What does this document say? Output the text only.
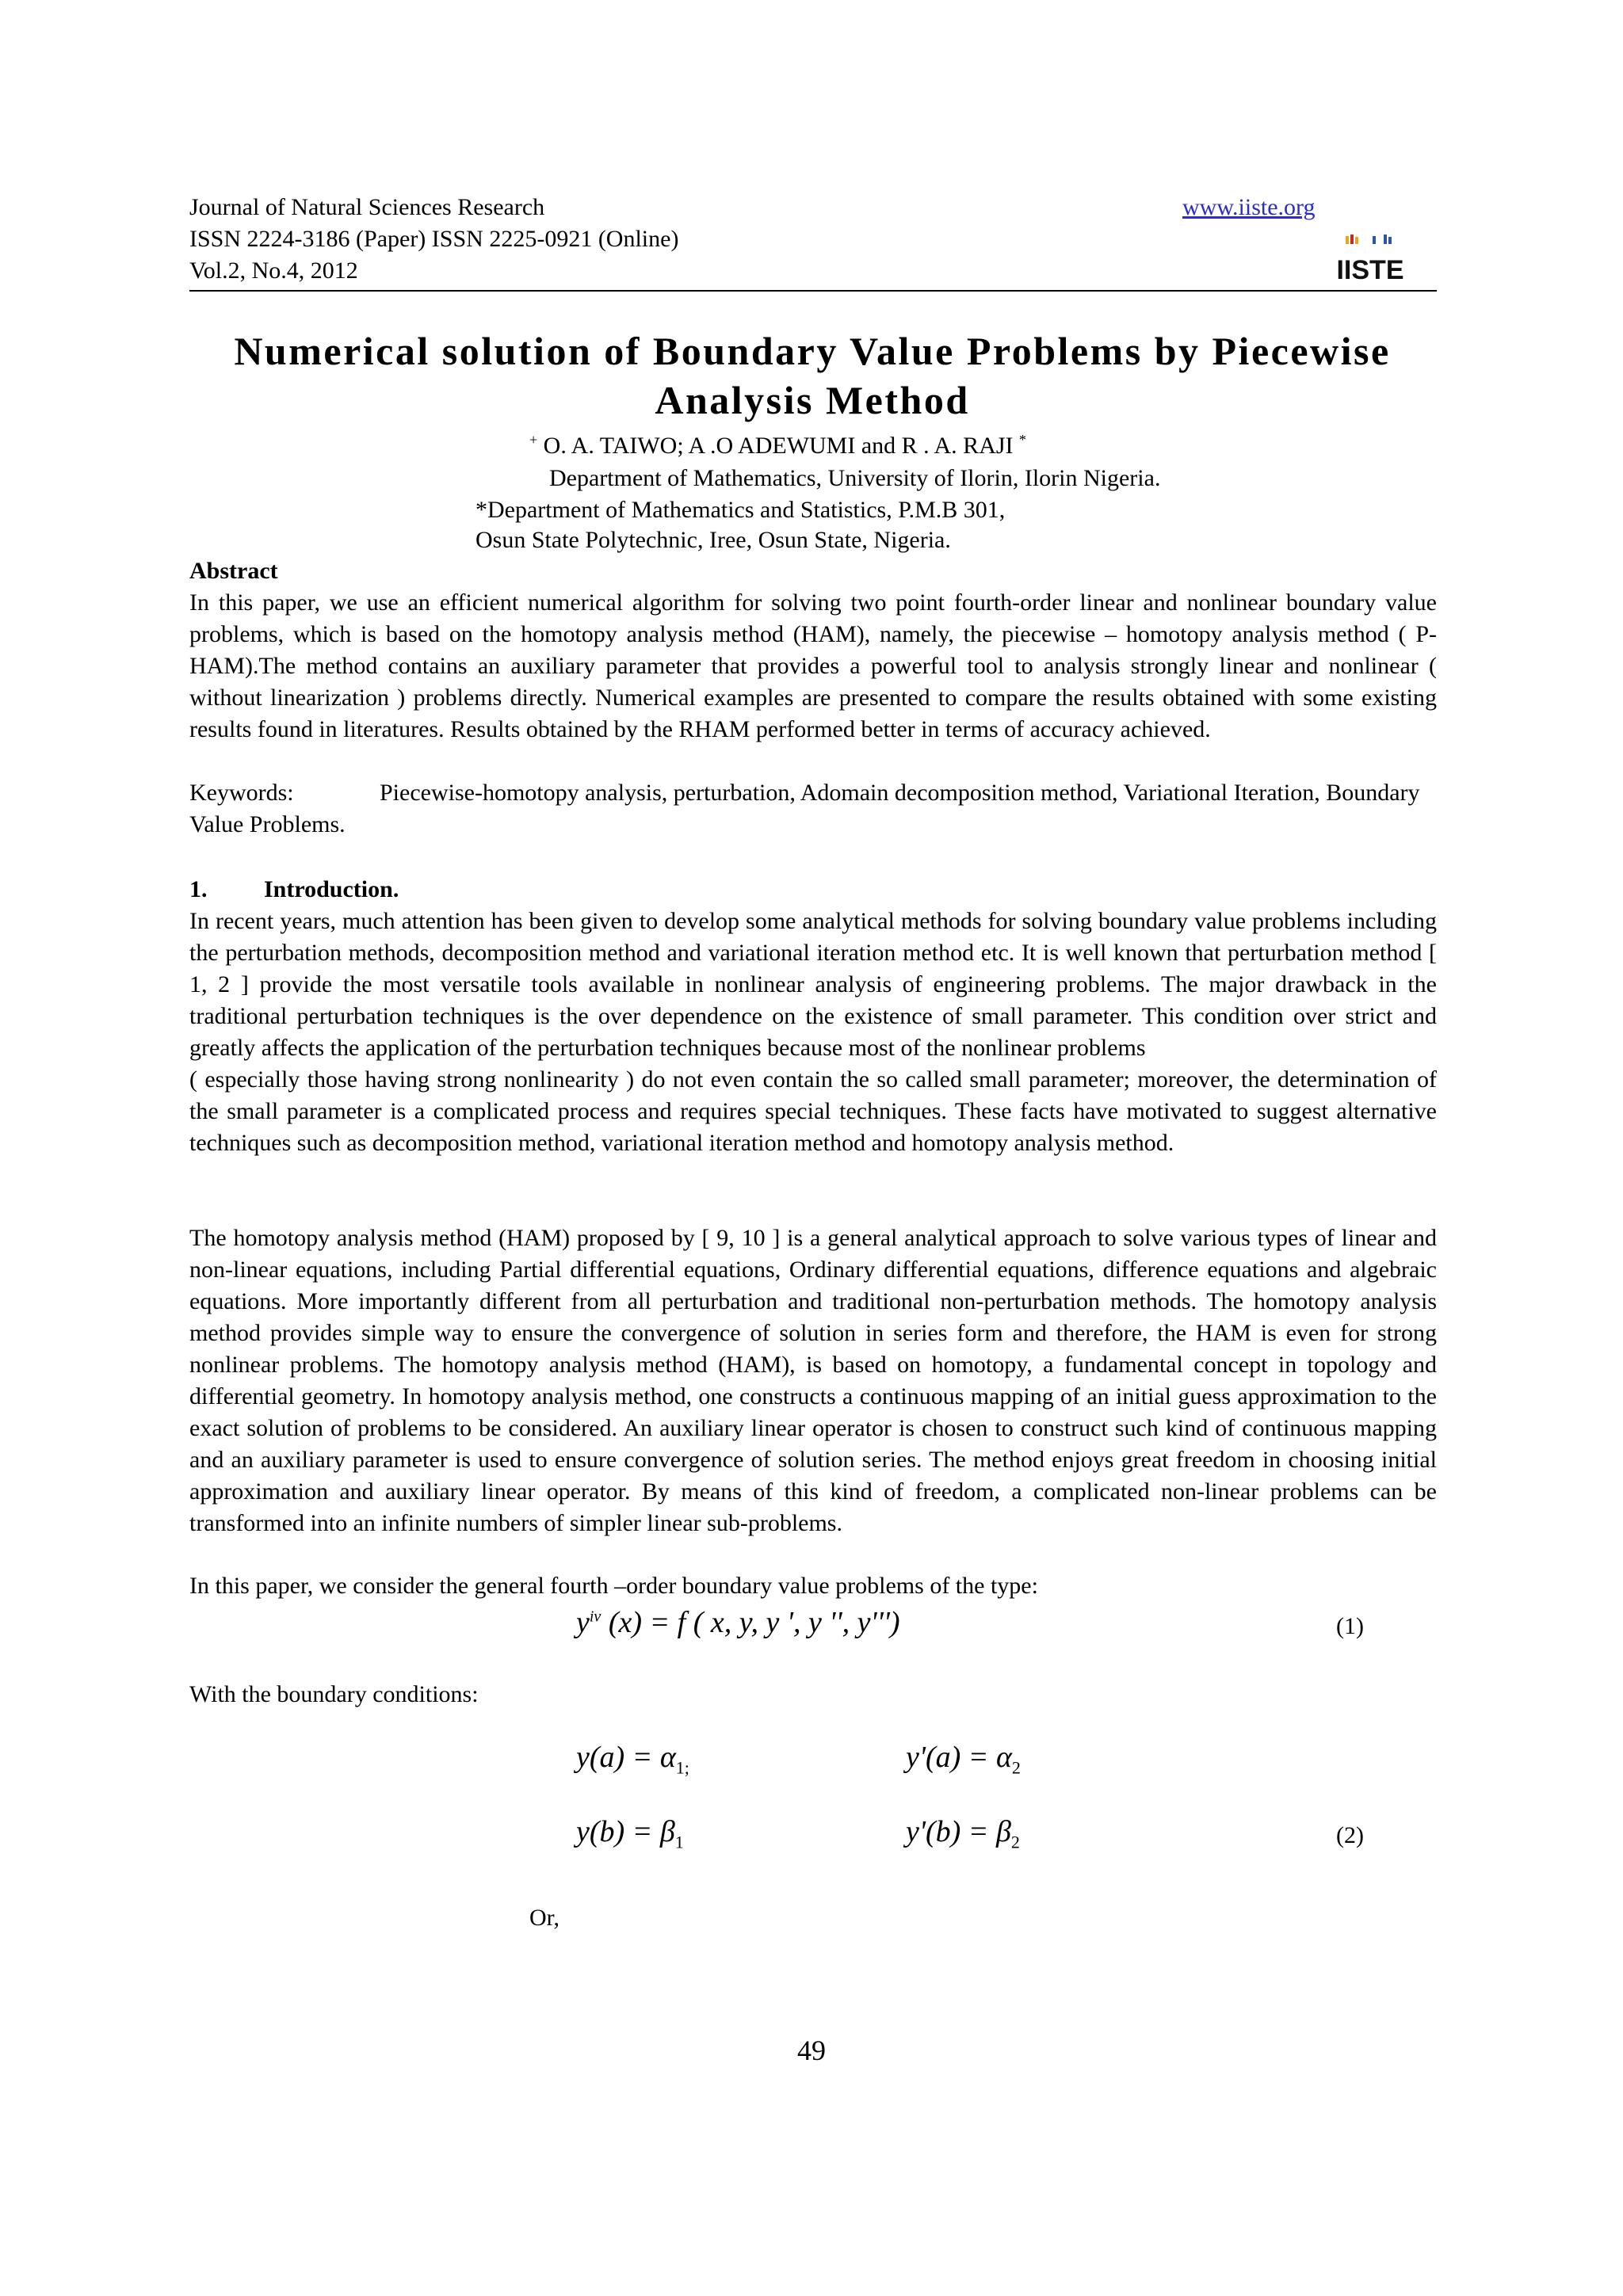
Journal of Natural Sciences Research
ISSN 2224-3186 (Paper) ISSN 2225-0921 (Online)
Vol.2, No.4, 2012
www.iiste.org
IISTE
Numerical solution of Boundary Value Problems by Piecewise
Analysis Method
+ O. A. TAIWO; A .O ADEWUMI and R . A. RAJI *
Department of Mathematics, University of Ilorin, Ilorin Nigeria.
*Department of Mathematics and Statistics, P.M.B 301,
Osun State Polytechnic, Iree, Osun State, Nigeria.
Abstract
In this paper, we use an efficient numerical algorithm for solving two point fourth-order linear and nonlinear boundary value problems, which is based on the homotopy analysis method (HAM), namely, the piecewise – homotopy analysis method ( P-HAM).The method contains an auxiliary parameter that provides a powerful tool to analysis strongly linear and nonlinear ( without linearization ) problems directly. Numerical examples are presented to compare the results obtained with some existing results found in literatures. Results obtained by the RHAM performed better in terms of accuracy achieved.
Keywords:	Piecewise-homotopy analysis, perturbation, Adomain decomposition method, Variational Iteration, Boundary Value Problems.
1. Introduction.
In recent years, much attention has been given to develop some analytical methods for solving boundary value problems including the perturbation methods, decomposition method and variational iteration method etc. It is well known that perturbation method [ 1, 2 ] provide the most versatile tools available in nonlinear analysis of engineering problems. The major drawback in the traditional perturbation techniques is the over dependence on the existence of small parameter. This condition over strict and greatly affects the application of the perturbation techniques because most of the nonlinear problems
( especially those having strong nonlinearity ) do not even contain the so called small parameter; moreover, the determination of the small parameter is a complicated process and requires special techniques. These facts have motivated to suggest alternative techniques such as decomposition method, variational iteration method and homotopy analysis method.
The homotopy analysis method (HAM) proposed by [ 9, 10 ] is a general analytical approach to solve various types of linear and non-linear equations, including Partial differential equations, Ordinary differential equations, difference equations and algebraic equations. More importantly different from all perturbation and traditional non-perturbation methods. The homotopy analysis method provides simple way to ensure the convergence of solution in series form and therefore, the HAM is even for strong nonlinear problems. The homotopy analysis method (HAM), is based on homotopy, a fundamental concept in topology and differential geometry. In homotopy analysis method, one constructs a continuous mapping of an initial guess approximation to the exact solution of problems to be considered. An auxiliary linear operator is chosen to construct such kind of continuous mapping and an auxiliary parameter is used to ensure convergence of solution series. The method enjoys great freedom in choosing initial approximation and auxiliary linear operator. By means of this kind of freedom, a complicated non-linear problems can be transformed into an infinite numbers of simpler linear sub-problems.
In this paper, we consider the general fourth –order boundary value problems of the type:
$y^{iv}$ (x) = f ( x, y, y ', y '', y''')	(1)
With the boundary conditions:
$y(a) = \alpha_{1;}$	$y'(a) = \alpha_2$
$y(b) = \beta_1$	$y'(b) = \beta_2$	(2)
Or,
49
